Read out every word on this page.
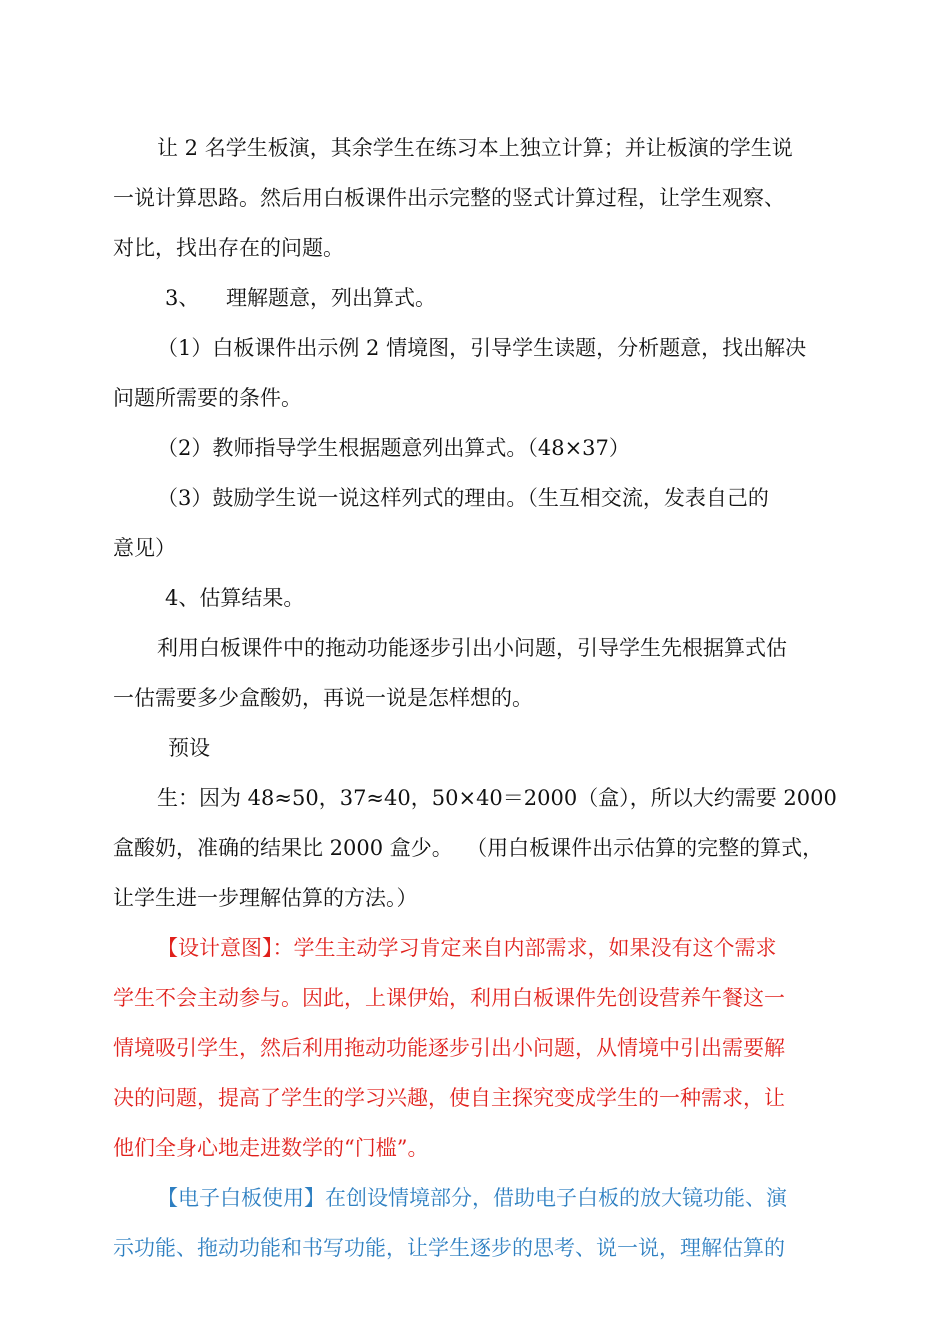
让 2 名学生板演，其余学生在练习本上独立计算；并让板演的学生说
一说计算思路。然后用白板课件出示完整的竖式计算过程，让学生观察、
对比，找出存在的问题。
3、    理解题意，列出算式。
（1）白板课件出示例 2 情境图，引导学生读题，分析题意，找出解决
问题所需要的条件。
（2）教师指导学生根据题意列出算式。（48×37）
（3）鼓励学生说一说这样列式的理由。（生互相交流，发表自己的
意见）
4、估算结果。
利用白板课件中的拖动功能逐步引出小问题，引导学生先根据算式估
一估需要多少盒酸奶，再说一说是怎样想的。
预设
生：因为 48≈50，37≈40，50×40＝2000（盒），所以大约需要 2000
盒酸奶，准确的结果比 2000 盒少。  （用白板课件出示估算的完整的算式，
让学生进一步理解估算的方法。）
【设计意图】：学生主动学习肯定来自内部需求，如果没有这个需求
学生不会主动参与。因此，上课伊始，利用白板课件先创设营养午餐这一
情境吸引学生，然后利用拖动功能逐步引出小问题，从情境中引出需要解
决的问题，提高了学生的学习兴趣，使自主探究变成学生的一种需求，让
他们全身心地走进数学的“门槛”。
【电子白板使用】在创设情境部分，借助电子白板的放大镜功能、演
示功能、拖动功能和书写功能，让学生逐步的思考、说一说，理解估算的
